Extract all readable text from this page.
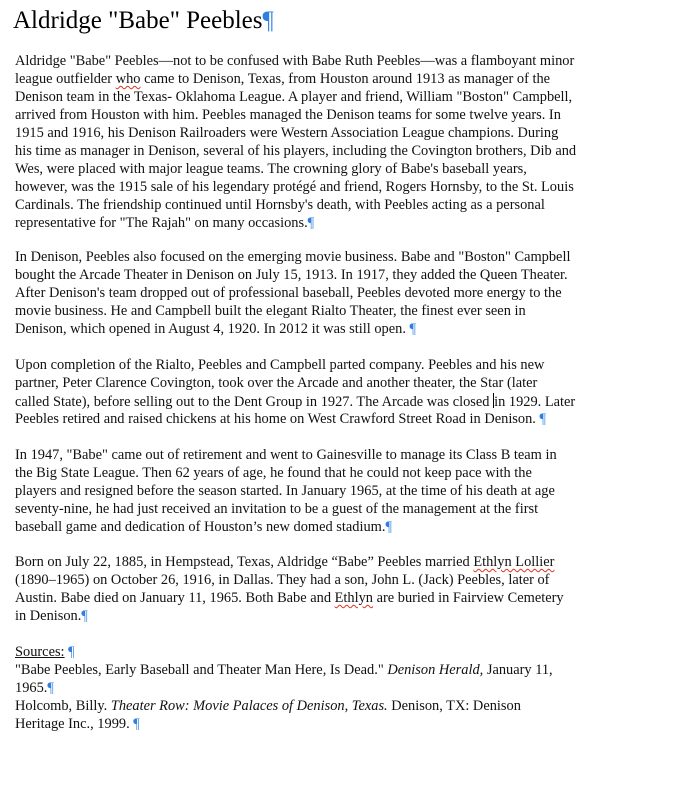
Aldridge "Babe" Peebles¶

Aldridge "Babe" Peebles—not to be confused with Babe Ruth Peebles—was a flamboyant minor

league outfielder who came to Denison, Texas, from Houston around 1913 as manager of the

Denison team in the Texas- Oklahoma League. A player and friend, William "Boston" Campbell,

arrived from Houston with him. Peebles managed the Denison teams for some twelve years. In

1915 and 1916, his Denison Railroaders were Western Association League champions. During

his time as manager in Denison, several of his players, including the Covington brothers, Dib and

Wes, were placed with major league teams. The crowning glory of Babe's baseball years,

however, was the 1915 sale of his legendary protégé and friend, Rogers Hornsby, to the St. Louis

Cardinals. The friendship continued until Hornsby's death, with Peebles acting as a personal

representative for "The Rajah" on many occasions.¶

In Denison, Peebles also focused on the emerging movie business. Babe and "Boston" Campbell

bought the Arcade Theater in Denison on July 15, 1913. In 1917, they added the Queen Theater.

After Denison's team dropped out of professional baseball, Peebles devoted more energy to the

movie business. He and Campbell built the elegant Rialto Theater, the finest ever seen in

Denison, which opened in August 4, 1920. In 2012 it was still open. ¶

Upon completion of the Rialto, Peebles and Campbell parted company. Peebles and his new

partner, Peter Clarence Covington, took over the Arcade and another theater, the Star (later

called State), before selling out to the Dent Group in 1927. The Arcade was closed in 1929. Later

Peebles retired and raised chickens at his home on West Crawford Street Road in Denison. ¶

In 1947, "Babe" came out of retirement and went to Gainesville to manage its Class B team in

the Big State League. Then 62 years of age, he found that he could not keep pace with the

players and resigned before the season started. In January 1965, at the time of his death at age

seventy-nine, he had just received an invitation to be a guest of the management at the first

baseball game and dedication of Houston’s new domed stadium.¶

Born on July 22, 1885, in Hempstead, Texas, Aldridge “Babe” Peebles married Ethlyn Lollier

(1890–1965) on October 26, 1916, in Dallas. They had a son, John L. (Jack) Peebles, later of

Austin. Babe died on January 11, 1965. Both Babe and Ethlyn are buried in Fairview Cemetery

in Denison.¶

Sources: ¶

"Babe Peebles, Early Baseball and Theater Man Here, Is Dead." Denison Herald, January 11,

1965.¶

Holcomb, Billy. Theater Row: Movie Palaces of Denison, Texas. Denison, TX: Denison

Heritage Inc., 1999. ¶
